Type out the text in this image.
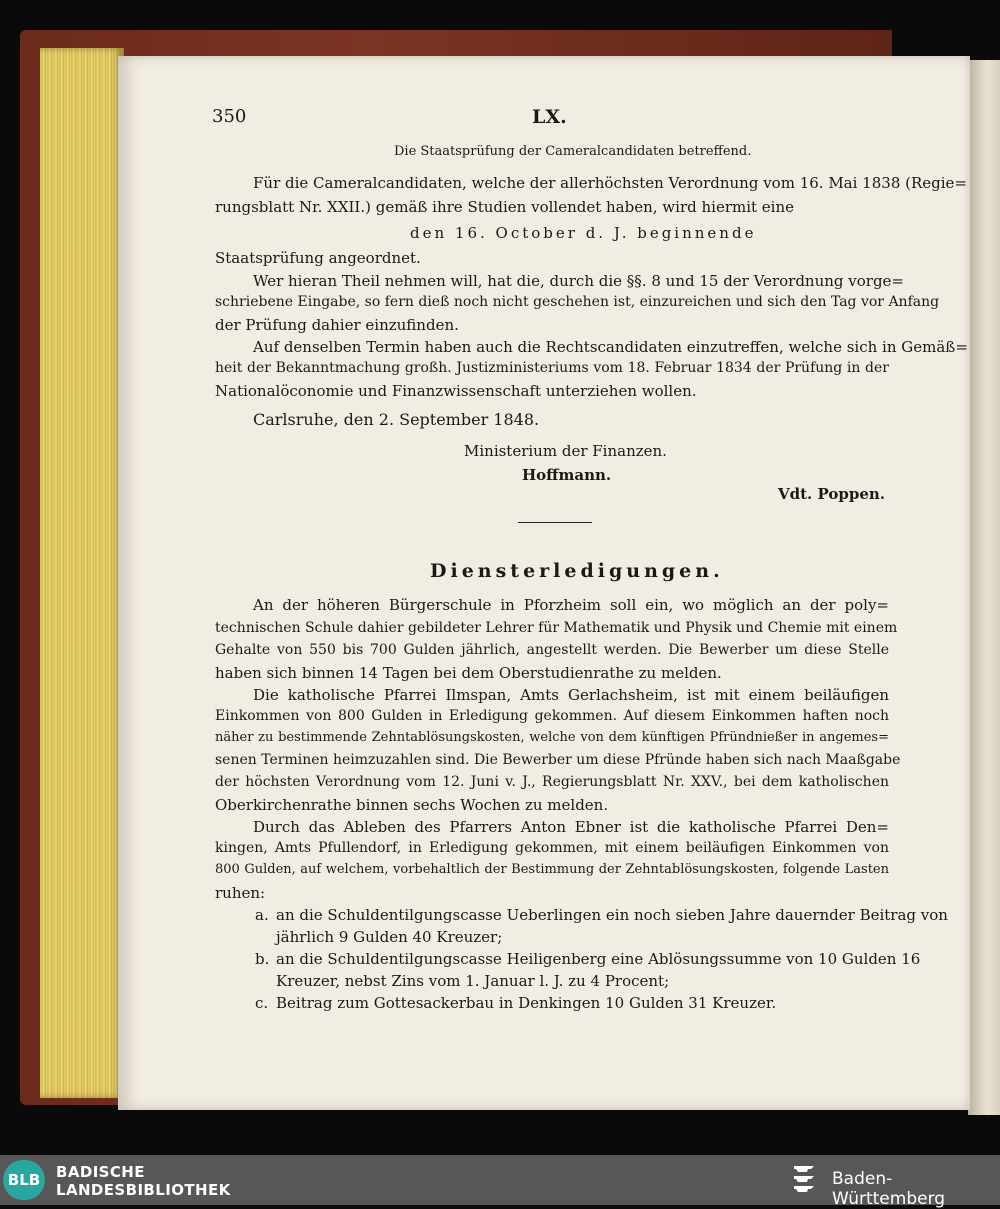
350	LX.
Die Staatsprüfung der Cameralcandidaten betreffend.
Für die Cameralcandidaten, welche der allerhöchsten Verordnung vom 16. Mai 1838 (Regie=
rungsblatt Nr. XXII.) gemäß ihre Studien vollendet haben, wird hiermit eine
den 16. October d. J. beginnende
Staatsprüfung angeordnet.
Wer hieran Theil nehmen will, hat die, durch die §§. 8 und 15 der Verordnung vorge=
schriebene Eingabe, so fern dieß noch nicht geschehen ist, einzureichen und sich den Tag vor Anfang
der Prüfung dahier einzufinden.
Auf denselben Termin haben auch die Rechtscandidaten einzutreffen, welche sich in Gemäß=
heit der Bekanntmachung großh. Justizministeriums vom 18. Februar 1834 der Prüfung in der
Nationalöconomie und Finanzwissenschaft unterziehen wollen.
Carlsruhe, den 2. September 1848.
Ministerium der Finanzen.
Hoffmann.
Vdt. Poppen.
Diensterledigungen.
An der höheren Bürgerschule in Pforzheim soll ein, wo möglich an der poly=
technischen Schule dahier gebildeter Lehrer für Mathematik und Physik und Chemie mit einem
Gehalte von 550 bis 700 Gulden jährlich, angestellt werden. Die Bewerber um diese Stelle
haben sich binnen 14 Tagen bei dem Oberstudienrathe zu melden.
Die katholische Pfarrei Ilmspan, Amts Gerlachsheim, ist mit einem beiläufigen
Einkommen von 800 Gulden in Erledigung gekommen. Auf diesem Einkommen haften noch
näher zu bestimmende Zehntablösungskosten, welche von dem künftigen Pfründnießer in angemes=
senen Terminen heimzuzahlen sind. Die Bewerber um diese Pfründe haben sich nach Maaßgabe
der höchsten Verordnung vom 12. Juni v. J., Regierungsblatt Nr. XXV., bei dem katholischen
Oberkirchenrathe binnen sechs Wochen zu melden.
Durch das Ableben des Pfarrers Anton Ebner ist die katholische Pfarrei Den=
kingen, Amts Pfullendorf, in Erledigung gekommen, mit einem beiläufigen Einkommen von
800 Gulden, auf welchem, vorbehaltlich der Bestimmung der Zehntablösungskosten, folgende Lasten
ruhen:
a. an die Schuldentilgungscasse Ueberlingen ein noch sieben Jahre dauernder Beitrag von
jährlich 9 Gulden 40 Kreuzer;
b. an die Schuldentilgungscasse Heiligenberg eine Ablösungssumme von 10 Gulden 16
Kreuzer, nebst Zins vom 1. Januar l. J. zu 4 Procent;
c. Beitrag zum Gottesackerbau in Denkingen 10 Gulden 31 Kreuzer.
BLB BADISCHE
LANDESBIBLIOTHEK
Baden-Württemberg
